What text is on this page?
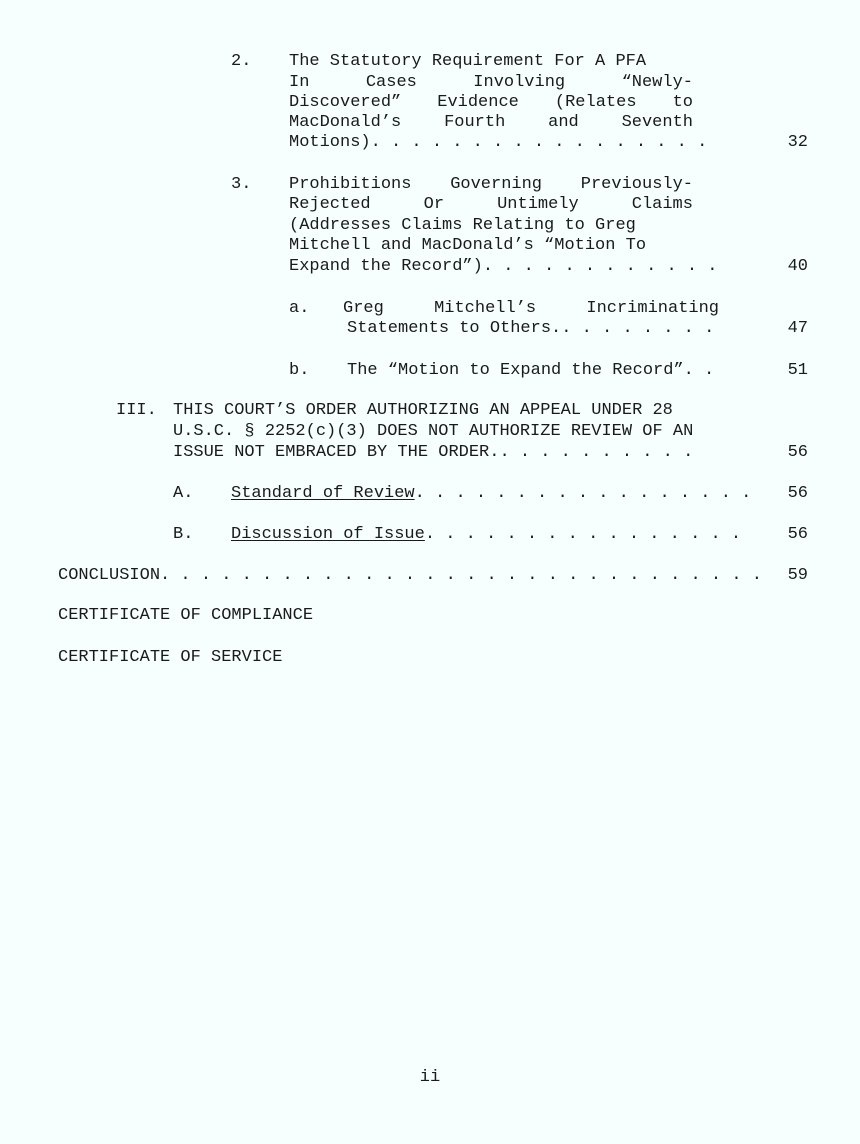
2. The Statutory Requirement For A PFA
In	Cases	Involving	“Newly-
Discovered” Evidence (Relates to
MacDonald’s	Fourth	and	Seventh
Motions). . . . . . . . . . . . . . . . .	32
3. Prohibitions Governing Previously-
Rejected	Or	Untimely	Claims
(Addresses Claims Relating to Greg
Mitchell and MacDonald’s “Motion To
Expand the Record”). . . . . . . . . . . .	40
a. Greg	Mitchell’s	Incriminating
Statements to Others.. . . . . . . .	47
b. The “Motion to Expand the Record”. .	51
III. THIS COURT’S ORDER AUTHORIZING AN APPEAL UNDER 28
U.S.C. § 2252(c)(3) DOES NOT AUTHORIZE REVIEW OF AN
ISSUE NOT EMBRACED BY THE ORDER.. . . . . . . . . .	56
A. Standard of Review. . . . . . . . . . . . . . . . . 56
B. Discussion of Issue. . . . . . . . . . . . . . . .	56
CONCLUSION. . . . . . . . . . . . . . . . . . . . . . . . . . . . . . 59
CERTIFICATE OF COMPLIANCE
CERTIFICATE OF SERVICE
ii
